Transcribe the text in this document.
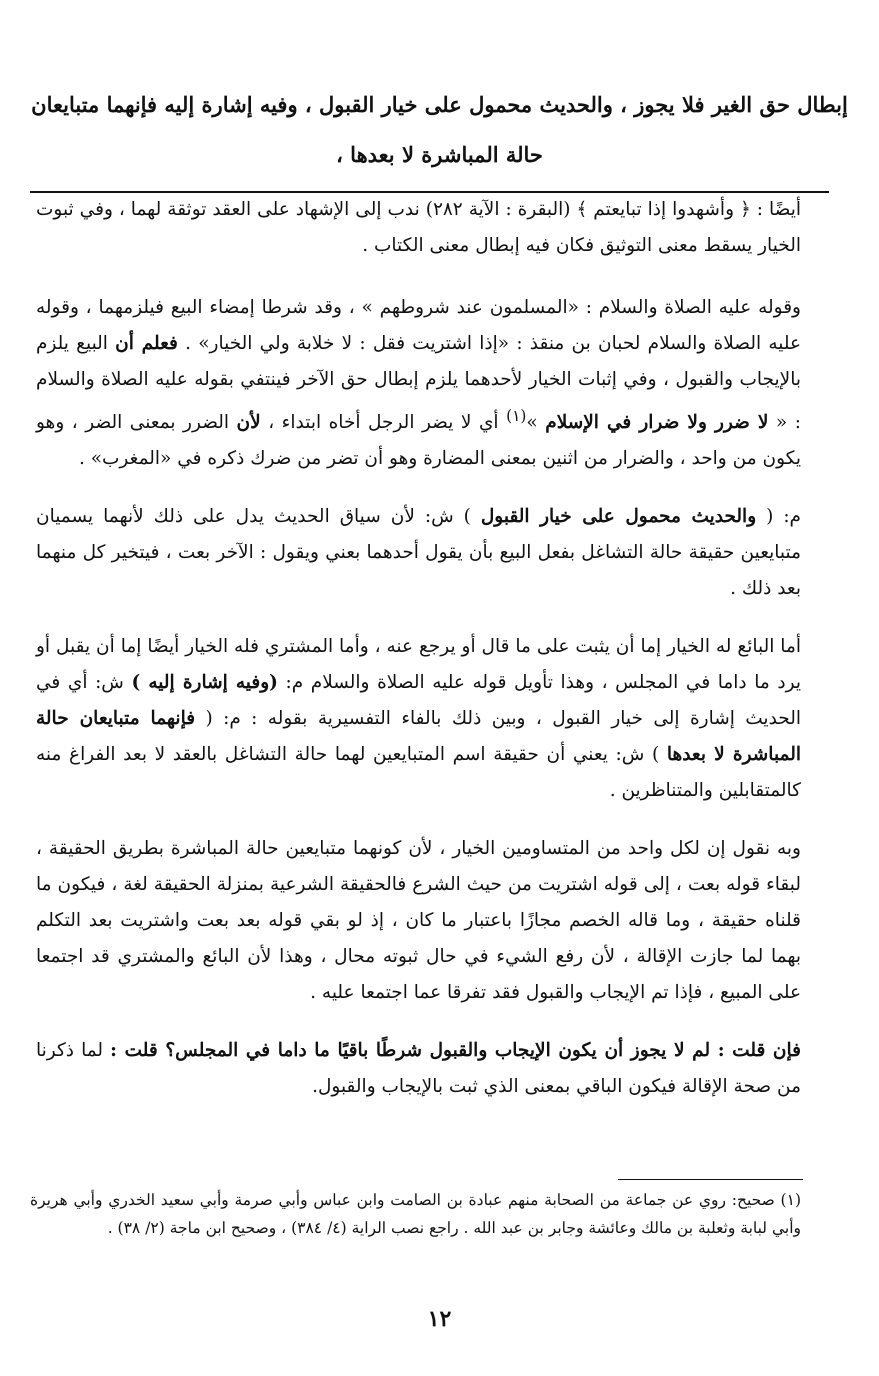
إبطال حق الغير فلا يجوز ، والحديث محمول على خيار القبول ، وفيه إشارة إليه فإنهما متبايعان
حالة المباشرة لا بعدها ،

أيضًا : ﴿ وأشهدوا إذا تبايعتم ﴾ (البقرة : الآية ٢٨٢) ندب إلى الإشهاد على العقد توثقة لهما ، وفي ثبوت الخيار يسقط معنى التوثيق فكان فيه إبطال معنى الكتاب .

وقوله عليه الصلاة والسلام : «المسلمون عند شروطهم » ، وقد شرطا إمضاء البيع فيلزمهما ، وقوله عليه الصلاة والسلام لحبان بن منقذ : «إذا اشتريت فقل : لا خلابة ولي الخيار» . فعلم أن البيع يلزم بالإيجاب والقبول ، وفي إثبات الخيار لأحدهما يلزم إبطال حق الآخر فينتفي بقوله عليه الصلاة والسلام : « لا ضرر ولا ضرار في الإسلام »$^{(١)}$ أي لا يضر الرجل أخاه ابتداء ، لأن الضرر بمعنى الضر ، وهو يكون من واحد ، والضرار من اثنين بمعنى المضارة وهو أن تضر من ضرك ذكره في «المغرب» .

م: ( والحديث محمول على خيار القبول ) ش: لأن سياق الحديث يدل على ذلك لأنهما يسميان متبايعين حقيقة حالة التشاغل بفعل البيع بأن يقول أحدهما بعني ويقول : الآخر بعت ، فيتخير كل منهما بعد ذلك .

أما البائع له الخيار إما أن يثبت على ما قال أو يرجع عنه ، وأما المشتري فله الخيار أيضًا إما أن يقبل أو يرد ما داما في المجلس ، وهذا تأويل قوله عليه الصلاة والسلام م: (وفيه إشارة إليه ) ش: أي في الحديث إشارة إلى خيار القبول ، وبين ذلك بالفاء التفسيرية بقوله : م: ( فإنهما متبايعان حالة المباشرة لا بعدها ) ش: يعني أن حقيقة اسم المتبايعين لهما حالة التشاغل بالعقد لا بعد الفراغ منه كالمتقابلين والمتناظرين .

وبه نقول إن لكل واحد من المتساومين الخيار ، لأن كونهما متبايعين حالة المباشرة بطريق الحقيقة ، لبقاء قوله بعت ، إلى قوله اشتريت من حيث الشرع فالحقيقة الشرعية بمنزلة الحقيقة لغة ، فيكون ما قلناه حقيقة ، وما قاله الخصم مجازًا باعتبار ما كان ، إذ لو بقي قوله بعد بعت واشتريت بعد التكلم بهما لما جازت الإقالة ، لأن رفع الشيء في حال ثبوته محال ، وهذا لأن البائع والمشتري قد اجتمعا على المبيع ، فإذا تم الإيجاب والقبول فقد تفرقا عما اجتمعا عليه .

فإن قلت : لم لا يجوز أن يكون الإيجاب والقبول شرطًا باقيًا ما داما في المجلس؟ قلت : لما ذكرنا من صحة الإقالة فيكون الباقي بمعنى الذي ثبت بالإيجاب والقبول.

(١) صحيح: روي عن جماعة من الصحابة منهم عبادة بن الصامت وابن عباس وأبي صرمة وأبي سعيد الخدري وأبي هريرة وأبي لبابة وثعلبة بن مالك وعائشة وجابر بن عبد الله . راجع نصب الراية (٤/ ٣٨٤) ، وصحيح ابن ماجة (٢/ ٣٨) .
١٢
